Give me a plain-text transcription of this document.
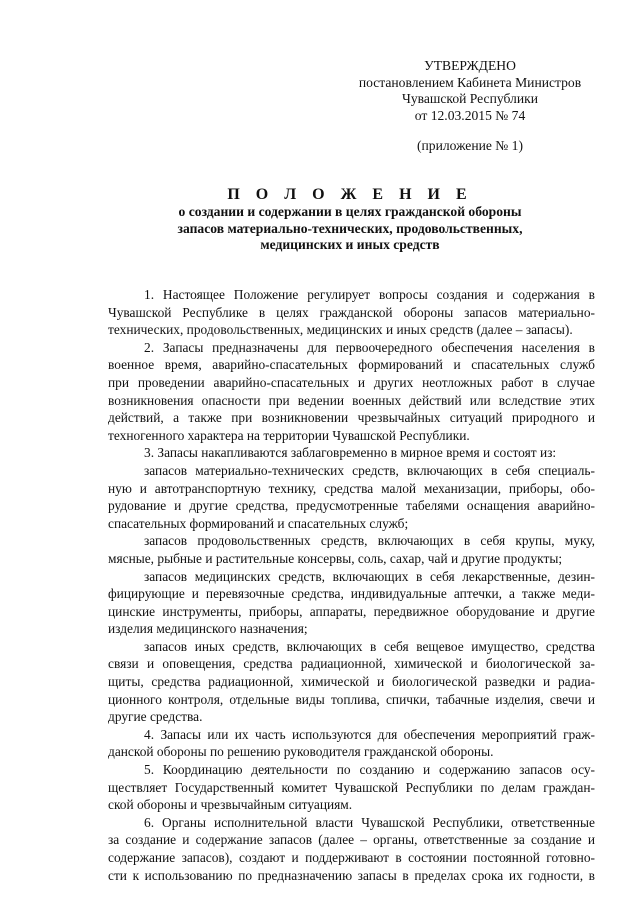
УТВЕРЖДЕНО
постановлением Кабинета Министров
Чувашской Республики
от 12.03.2015 № 74
(приложение № 1)
П О Л О Ж Е Н И Е
о создании и содержании в целях гражданской обороны
запасов материально-технических, продовольственных,
медицинских и иных средств
1. Настоящее Положение регулирует вопросы создания и содержания в
Чувашской Республике в целях гражданской обороны запасов материально-
технических, продовольственных, медицинских и иных средств (далее – запасы).
2. Запасы предназначены для первоочередного обеспечения населения в
военное время, аварийно-спасательных формирований и спасательных служб
при проведении аварийно-спасательных и других неотложных работ в случае
возникновения опасности при ведении военных действий или вследствие этих
действий, а также при возникновении чрезвычайных ситуаций природного и
техногенного характера на территории Чувашской Республики.
3. Запасы накапливаются заблаговременно в мирное время и состоят из:
запасов материально-технических средств, включающих в себя специаль-
ную и автотранспортную технику, средства малой механизации, приборы, обо-
рудование и другие средства, предусмотренные табелями оснащения аварийно-
спасательных формирований и спасательных служб;
запасов продовольственных средств, включающих в себя крупы, муку,
мясные, рыбные и растительные консервы, соль, сахар, чай и другие продукты;
запасов медицинских средств, включающих в себя лекарственные, дезин-
фицирующие и перевязочные средства, индивидуальные аптечки, а также меди-
цинские инструменты, приборы, аппараты, передвижное оборудование и другие
изделия медицинского назначения;
запасов иных средств, включающих в себя вещевое имущество, средства
связи и оповещения, средства радиационной, химической и биологической за-
щиты, средства радиационной, химической и биологической разведки и радиа-
ционного контроля, отдельные виды топлива, спички, табачные изделия, свечи и
другие средства.
4. Запасы или их часть используются для обеспечения мероприятий граж-
данской обороны по решению руководителя гражданской обороны.
5. Координацию деятельности по созданию и содержанию запасов осу-
ществляет Государственный комитет Чувашской Республики по делам граждан-
ской обороны и чрезвычайным ситуациям.
6. Органы исполнительной власти Чувашской Республики, ответственные
за создание и содержание запасов (далее – органы, ответственные за создание и
содержание запасов), создают и поддерживают в состоянии постоянной готовно-
сти к использованию по предназначению запасы в пределах срока их годности, в
